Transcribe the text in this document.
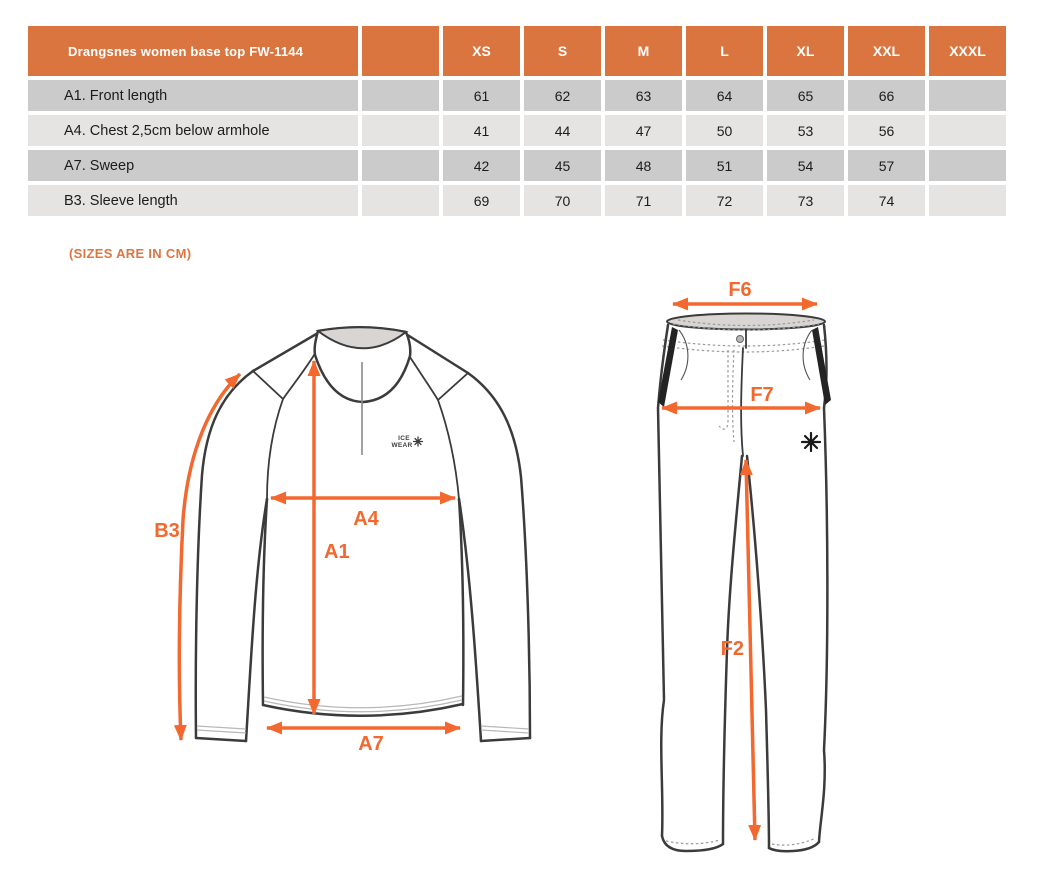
Drangsnes women base top FW-1144		XS	S	M	L	XL	XXL	XXXL
A1. Front length		61	62	63	64	65	66	
A4. Chest 2,5cm below armhole		41	44	47	50	53	56	
A7. Sweep		42	45	48	51	54	57	
B3. Sleeve length		69	70	71	72	73	74	
(SIZES ARE IN CM)
ICE
WEAR
B3
A1
A4
A7
F6
F7
F2
